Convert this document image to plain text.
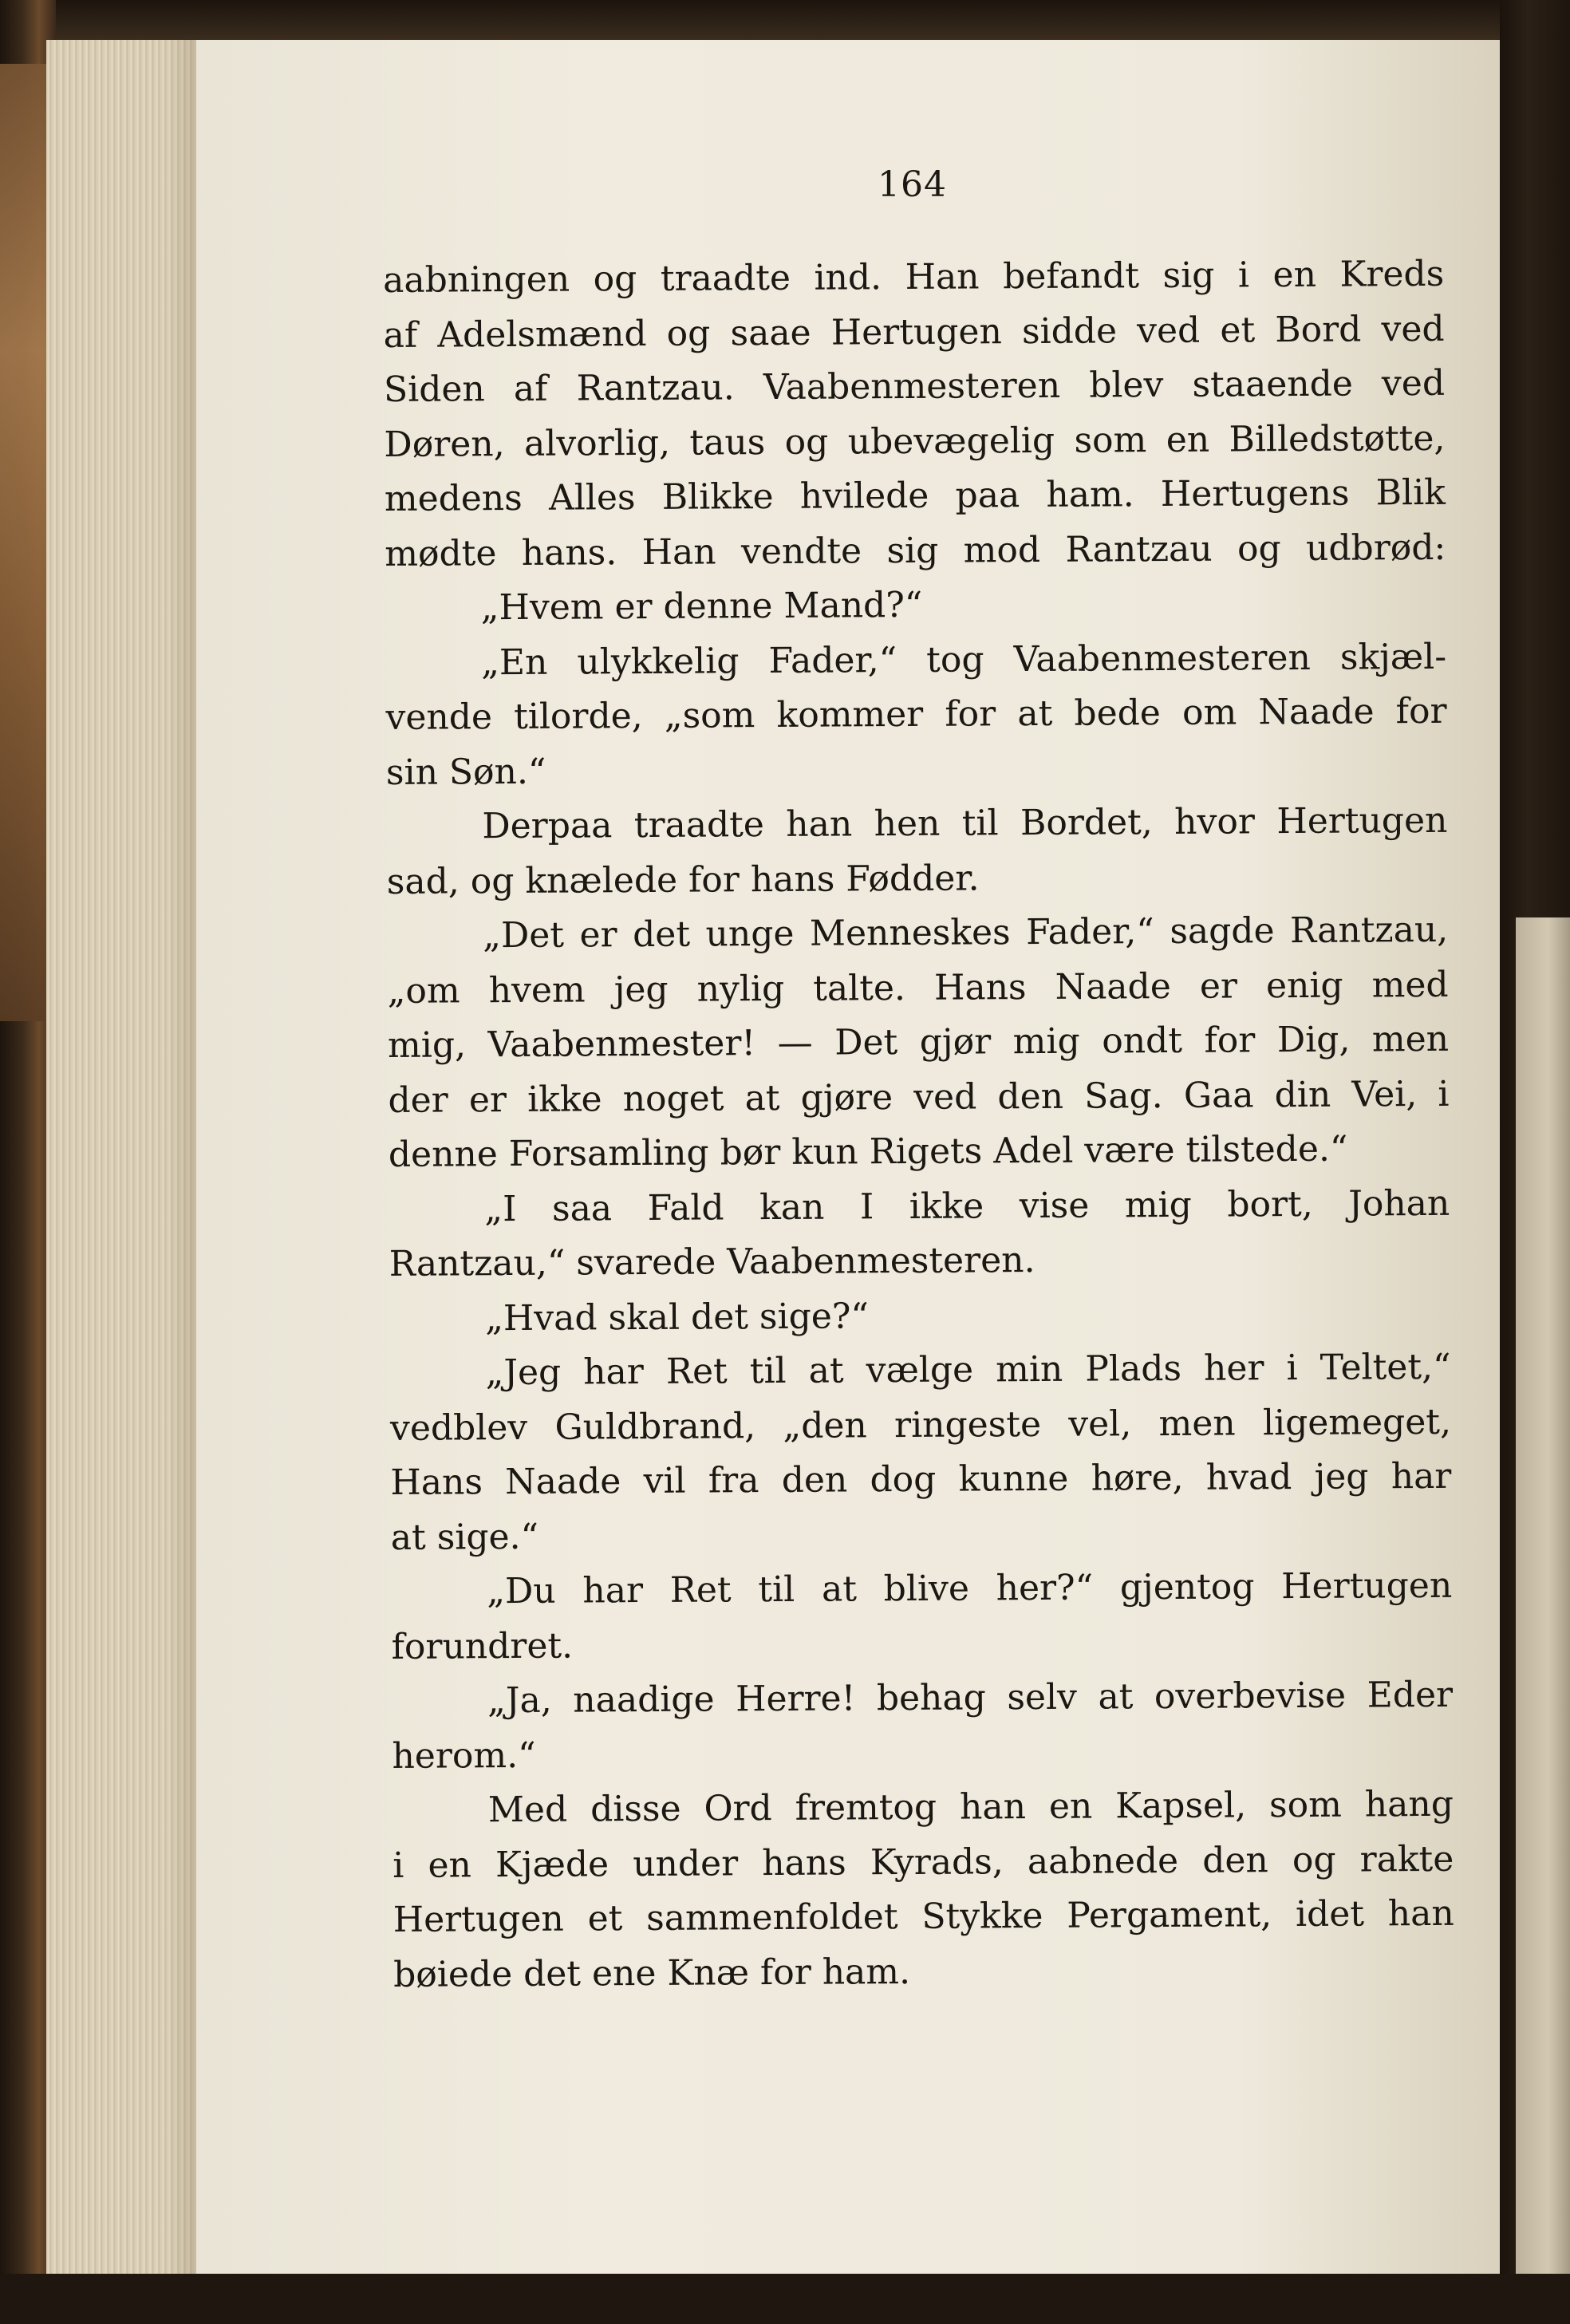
164
aabningen og traadte ind. Han befandt sig i en Kreds
af Adelsmænd og saae Hertugen sidde ved et Bord ved
Siden af Rantzau. Vaabenmesteren blev staaende ved
Døren, alvorlig, taus og ubevægelig som en Billedstøtte,
medens Alles Blikke hvilede paa ham. Hertugens Blik
mødte hans. Han vendte sig mod Rantzau og udbrød:
„Hvem er denne Mand?“
„En ulykkelig Fader,“ tog Vaabenmesteren skjæl-
vende tilorde, „som kommer for at bede om Naade for
sin Søn.“
Derpaa traadte han hen til Bordet, hvor Hertugen
sad, og knælede for hans Fødder.
„Det er det unge Menneskes Fader,“ sagde Rantzau,
„om hvem jeg nylig talte. Hans Naade er enig med
mig, Vaabenmester! — Det gjør mig ondt for Dig, men
der er ikke noget at gjøre ved den Sag. Gaa din Vei, i
denne Forsamling bør kun Rigets Adel være tilstede.“
„I saa Fald kan I ikke vise mig bort, Johan
Rantzau,“ svarede Vaabenmesteren.
„Hvad skal det sige?“
„Jeg har Ret til at vælge min Plads her i Teltet,“
vedblev Guldbrand, „den ringeste vel, men ligemeget,
Hans Naade vil fra den dog kunne høre, hvad jeg har
at sige.“
„Du har Ret til at blive her?“ gjentog Hertugen
forundret.
„Ja, naadige Herre! behag selv at overbevise Eder
herom.“
Med disse Ord fremtog han en Kapsel, som hang
i en Kjæde under hans Kyrads, aabnede den og rakte
Hertugen et sammenfoldet Stykke Pergament, idet han
bøiede det ene Knæ for ham.
